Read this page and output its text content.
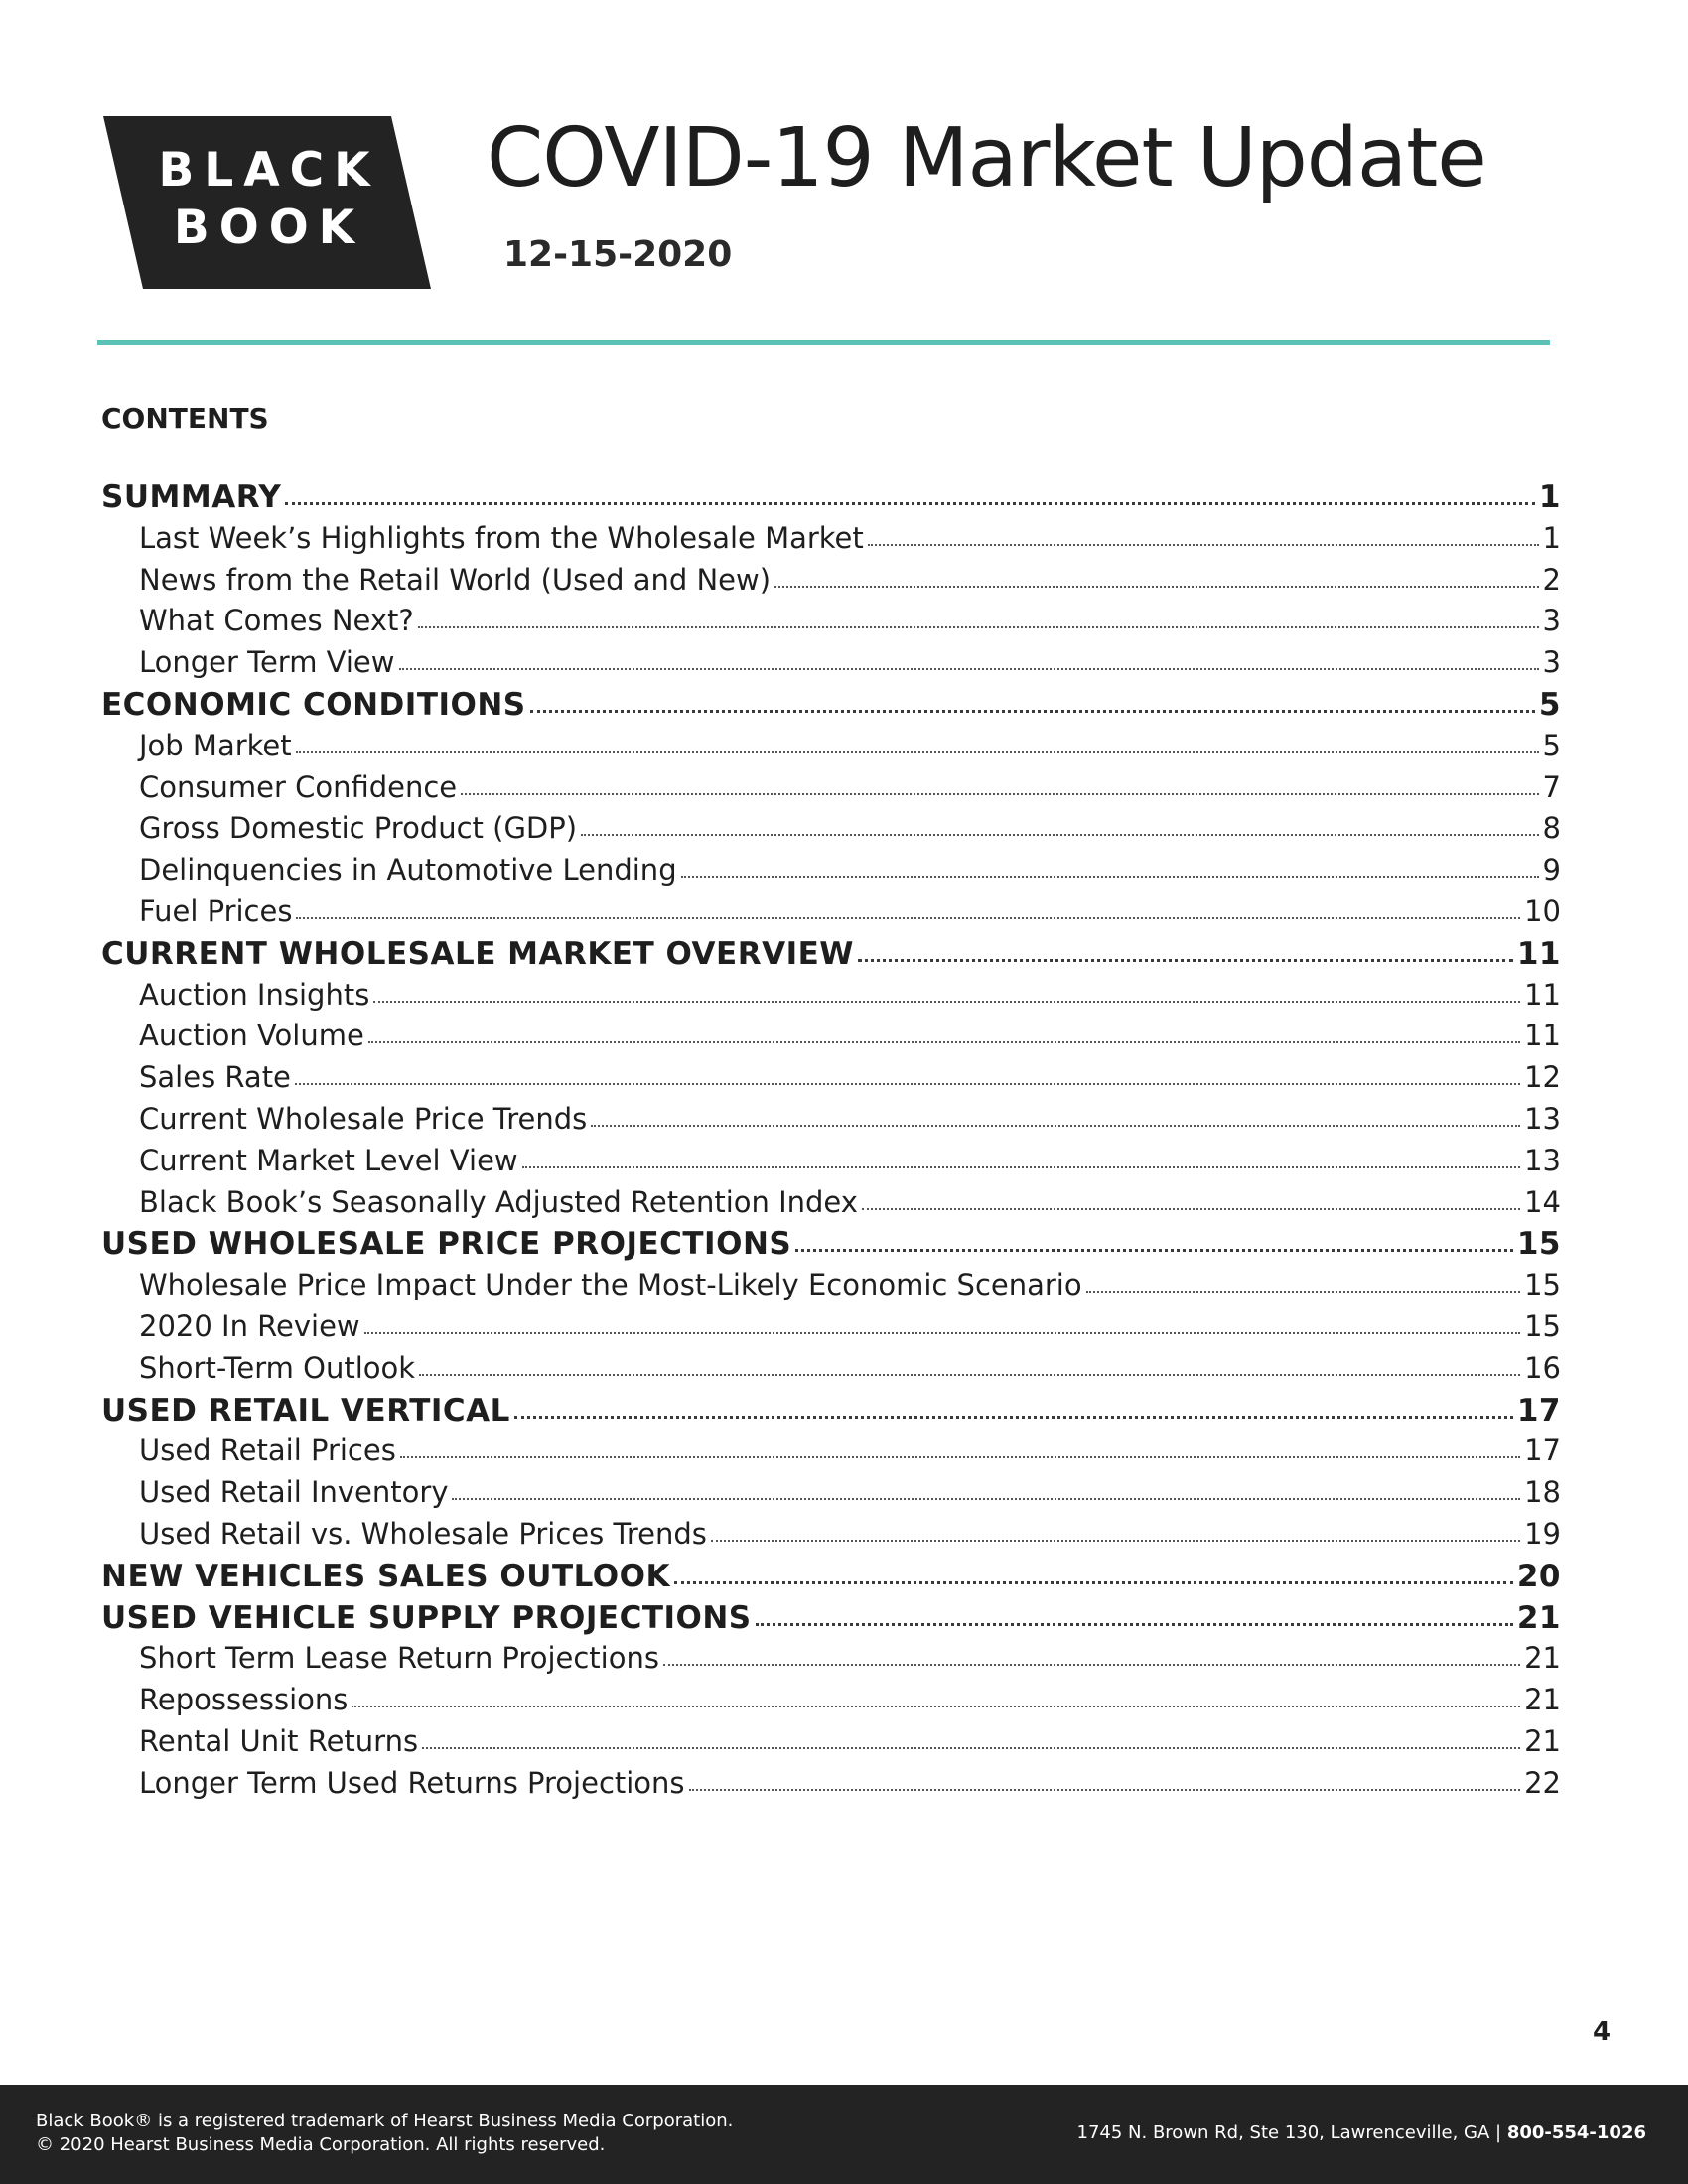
BLACK
BOOK
COVID-19 Market Update
12-15-2020
CONTENTS
SUMMARY	1
Last Week’s Highlights from the Wholesale Market	1
News from the Retail World (Used and New)	2
What Comes Next?	3
Longer Term View	3
ECONOMIC CONDITIONS	5
Job Market	5
Consumer Confidence	7
Gross Domestic Product (GDP)	8
Delinquencies in Automotive Lending	9
Fuel Prices	10
CURRENT WHOLESALE MARKET OVERVIEW	11
Auction Insights	11
Auction Volume	11
Sales Rate	12
Current Wholesale Price Trends	13
Current Market Level View	13
Black Book’s Seasonally Adjusted Retention Index	14
USED WHOLESALE PRICE PROJECTIONS	15
Wholesale Price Impact Under the Most-Likely Economic Scenario	15
2020 In Review	15
Short-Term Outlook	16
USED RETAIL VERTICAL	17
Used Retail Prices	17
Used Retail Inventory	18
Used Retail vs. Wholesale Prices Trends	19
NEW VEHICLES SALES OUTLOOK	20
USED VEHICLE SUPPLY PROJECTIONS	21
Short Term Lease Return Projections	21
Repossessions	21
Rental Unit Returns	21
Longer Term Used Returns Projections	22
4
Black Book® is a registered trademark of Hearst Business Media Corporation.
© 2020 Hearst Business Media Corporation. All rights reserved.
1745 N. Brown Rd, Ste 130, Lawrenceville, GA | 800-554-1026
